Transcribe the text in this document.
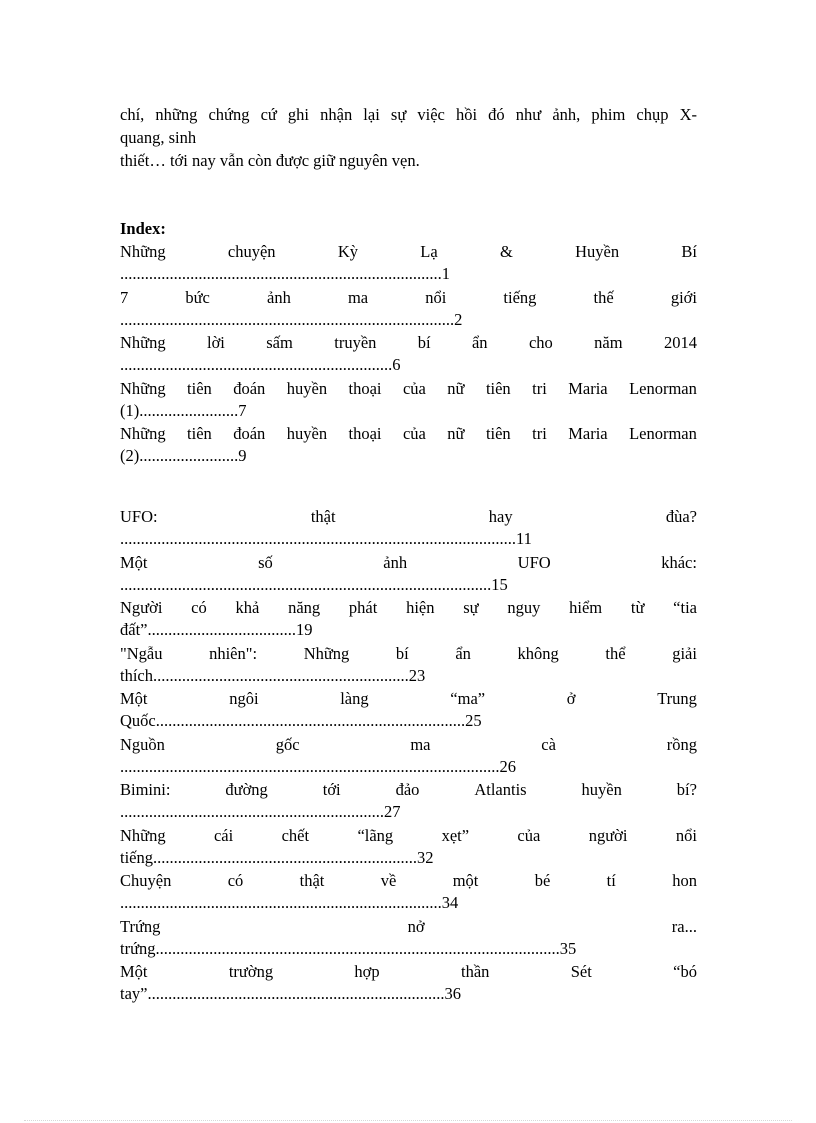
chí, những chứng cứ ghi nhận lại sự việc hồi đó như ảnh, phim chụp X-
quang, sinh
thiết… tới nay vẫn còn được giữ nguyên vẹn.
Index:
Những	chuyện	Kỳ	Lạ	&	Huyền	Bí
..............................................................................1
7	bức	ảnh	ma	nổi	tiếng	thế	giới
.................................................................................2
Những	lời	sấm	truyền	bí	ẩn	cho	năm	2014
..................................................................6
Những tiên đoán huyền thoại của nữ tiên tri Maria Lenorman
(1)........................7
Những tiên đoán huyền thoại của nữ tiên tri Maria Lenorman
(2)........................9
UFO:	thật	hay	đùa?
................................................................................................11
Một	số	ảnh	UFO	khác:
..........................................................................................15
Người có khả năng phát hiện sự nguy hiểm từ “tia
đất”....................................19
"Ngẫu	nhiên":	Những	bí	ẩn	không	thể	giải
thích..............................................................23
Một	ngôi	làng	“ma”	ở	Trung
Quốc...........................................................................25
Nguồn	gốc	ma	cà	rồng
............................................................................................26
Bimini:	đường	tới	đảo	Atlantis	huyền	bí?
................................................................27
Những	cái	chết	“lãng	xẹt”	của	người	nổi
tiếng................................................................32
Chuyện	có	thật	về	một	bé	tí	hon
..............................................................................34
Trứng	nở	ra...
trứng..................................................................................................35
Một	trường	hợp	thần	Sét	“bó
tay”........................................................................36
